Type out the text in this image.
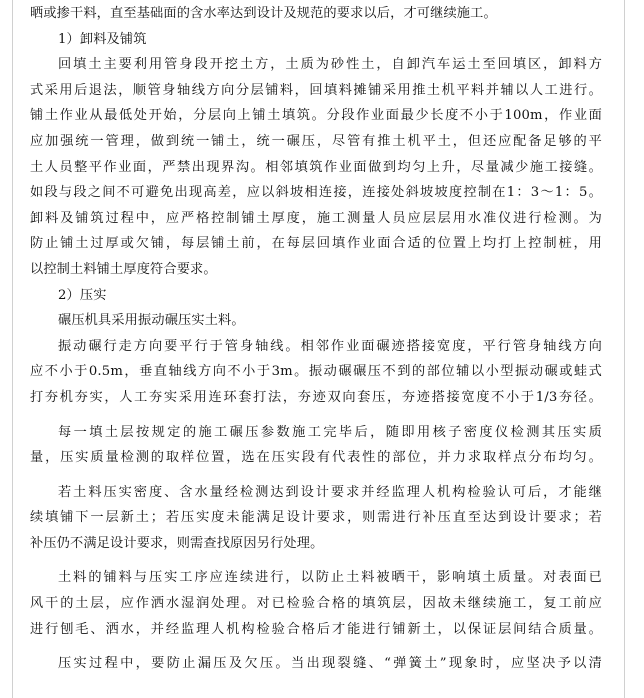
晒或掺干料，直至基础面的含水率达到设计及规范的要求以后，才可继续施工。
1）卸料及铺筑
回填土主要利用管身段开挖土方，土质为砂性土，自卸汽车运土至回填区，卸料方
式采用后退法，顺管身轴线方向分层铺料，回填料摊铺采用推土机平料并辅以人工进行。
铺土作业从最低处开始，分层向上铺土填筑。分段作业面最少长度不小于100m，作业面
应加强统一管理，做到统一铺土，统一碾压，尽管有推土机平土，但还应配备足够的平
土人员整平作业面，严禁出现界沟。相邻填筑作业面做到均匀上升，尽量减少施工接缝。
如段与段之间不可避免出现高差，应以斜坡相连接，连接处斜坡坡度控制在1：3～1：5。
卸料及铺筑过程中，应严格控制铺土厚度，施工测量人员应层层用水准仪进行检测。为
防止铺土过厚或欠铺，每层铺土前，在每层回填作业面合适的位置上均打上控制桩，用
以控制土料铺土厚度符合要求。
2）压实
碾压机具采用振动碾压实土料。
振动碾行走方向要平行于管身轴线。相邻作业面碾迹搭接宽度，平行管身轴线方向
应不小于0.5m，垂直轴线方向不小于3m。振动碾碾压不到的部位辅以小型振动碾或蛙式
打夯机夯实，人工夯实采用连环套打法，夯迹双向套压，夯迹搭接宽度不小于1/3夯径。
每一填土层按规定的施工碾压参数施工完毕后，随即用核子密度仪检测其压实质
量，压实质量检测的取样位置，选在压实段有代表性的部位，并力求取样点分布均匀。
若土料压实密度、含水量经检测达到设计要求并经监理人机构检验认可后，才能继
续填铺下一层新土；若压实度未能满足设计要求，则需进行补压直至达到设计要求；若
补压仍不满足设计要求，则需查找原因另行处理。
土料的铺料与压实工序应连续进行，以防止土料被晒干，影响填土质量。对表面已
风干的土层，应作洒水湿润处理。对已检验合格的填筑层，因故未继续施工，复工前应
进行刨毛、洒水，并经监理人机构检验合格后才能进行铺新土，以保证层间结合质量。
压实过程中，要防止漏压及欠压。当出现裂缝、“弹簧土”现象时，应坚决予以清
